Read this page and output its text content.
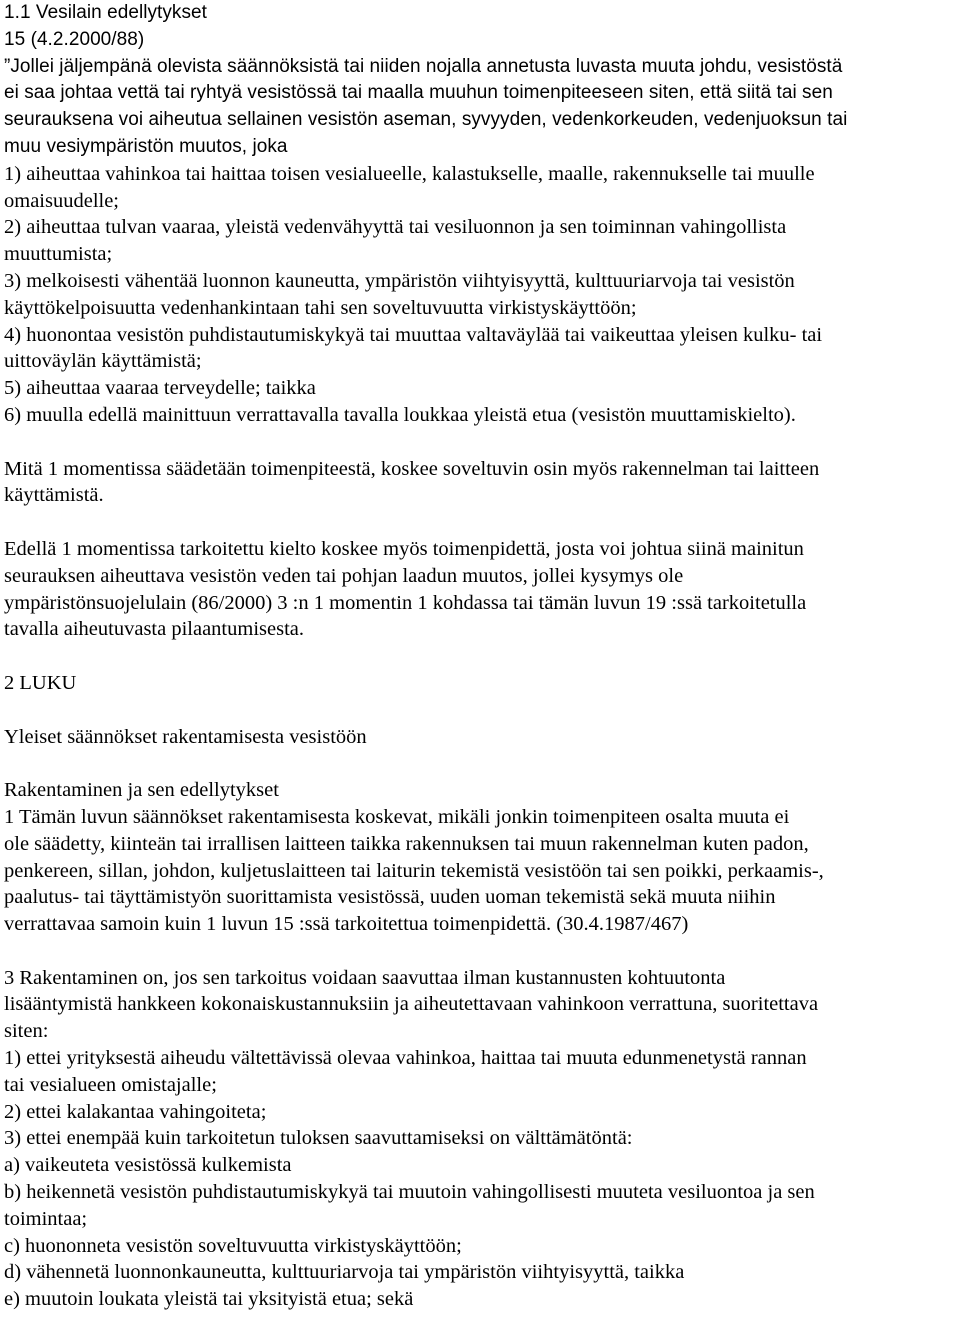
1.1 Vesilain edellytykset
15 (4.2.2000/88)
”Jollei jäljempänä olevista säännöksistä tai niiden nojalla annetusta luvasta muuta johdu, vesistöstä
ei saa johtaa vettä tai ryhtyä vesistössä tai maalla muuhun toimenpiteeseen siten, että siitä tai sen
seurauksena voi aiheutua sellainen vesistön aseman, syvyyden, vedenkorkeuden, vedenjuoksun tai
muu vesiympäristön muutos, joka
1) aiheuttaa vahinkoa tai haittaa toisen vesialueelle, kalastukselle, maalle, rakennukselle tai muulle
omaisuudelle;
2) aiheuttaa tulvan vaaraa, yleistä vedenvähyyttä tai vesiluonnon ja sen toiminnan vahingollista
muuttumista;
3) melkoisesti vähentää luonnon kauneutta, ympäristön viihtyisyyttä, kulttuuriarvoja tai vesistön
käyttökelpoisuutta vedenhankintaan tahi sen soveltuvuutta virkistyskäyttöön;
4) huonontaa vesistön puhdistautumiskykyä tai muuttaa valtaväylää tai vaikeuttaa yleisen kulku- tai
uittoväylän käyttämistä;
5) aiheuttaa vaaraa terveydelle; taikka
6) muulla edellä mainittuun verrattavalla tavalla loukkaa yleistä etua (vesistön muuttamiskielto).
Mitä 1 momentissa säädetään toimenpiteestä, koskee soveltuvin osin myös rakennelman tai laitteen
käyttämistä.
Edellä 1 momentissa tarkoitettu kielto koskee myös toimenpidettä, josta voi johtua siinä mainitun
seurauksen aiheuttava vesistön veden tai pohjan laadun muutos, jollei kysymys ole
ympäristönsuojelulain (86/2000) 3 :n 1 momentin 1 kohdassa tai tämän luvun 19 :ssä tarkoitetulla
tavalla aiheutuvasta pilaantumisesta.
2 LUKU
Yleiset säännökset rakentamisesta vesistöön
Rakentaminen ja sen edellytykset
1 Tämän luvun säännökset rakentamisesta koskevat, mikäli jonkin toimenpiteen osalta muuta ei
ole säädetty, kiinteän tai irrallisen laitteen taikka rakennuksen tai muun rakennelman kuten padon,
penkereen, sillan, johdon, kuljetuslaitteen tai laiturin tekemistä vesistöön tai sen poikki, perkaamis-,
paalutus- tai täyttämistyön suorittamista vesistössä, uuden uoman tekemistä sekä muuta niihin
verrattavaa samoin kuin 1 luvun 15 :ssä tarkoitettua toimenpidettä. (30.4.1987/467)
3 Rakentaminen on, jos sen tarkoitus voidaan saavuttaa ilman kustannusten kohtuutonta
lisääntymistä hankkeen kokonaiskustannuksiin ja aiheutettavaan vahinkoon verrattuna, suoritettava
siten:
1) ettei yrityksestä aiheudu vältettävissä olevaa vahinkoa, haittaa tai muuta edunmenetystä rannan
tai vesialueen omistajalle;
2) ettei kalakantaa vahingoiteta;
3) ettei enempää kuin tarkoitetun tuloksen saavuttamiseksi on välttämätöntä:
a) vaikeuteta vesistössä kulkemista
b) heikennetä vesistön puhdistautumiskykyä tai muutoin vahingollisesti muuteta vesiluontoa ja sen
toimintaa;
c) huononneta vesistön soveltuvuutta virkistyskäyttöön;
d) vähennetä luonnonkauneutta, kulttuuriarvoja tai ympäristön viihtyisyyttä, taikka
e) muutoin loukata yleistä tai yksityistä etua; sekä
